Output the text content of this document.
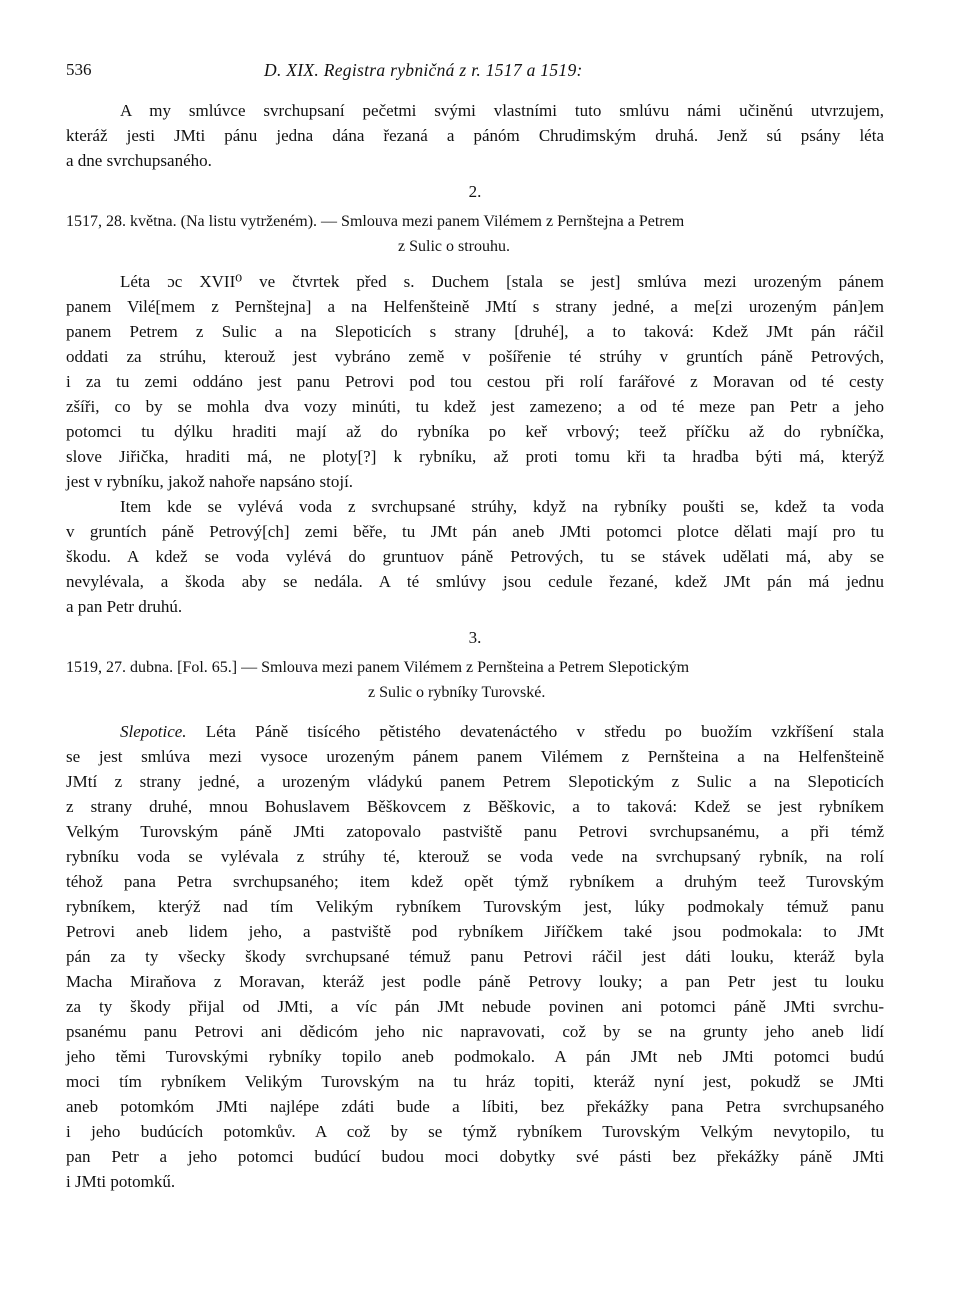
536	D. XIX. Registra rybničná z r. 1517 a 1519:
A my smlúvce svrchupsaní pečetmi svými vlastními tuto smlúvu námi učiněnú utvrzujem,
kteráž jesti JMti pánu jedna dána řezaná a pánóm Chrudimským druhá. Jenž sú psány léta
a dne svrchupsaného.
2.
1517, 28. května. (Na listu vytrženém). — Smlouva mezi panem Vilémem z Pernštejna a Petrem
z Sulic o strouhu.
Léta ɔc XVII⁰ ve čtvrtek před s. Duchem [stala se jest] smlúva mezi urozeným pánem
panem Vilé[mem z Pernštejna] a na Helfenšteině JMtí s strany jedné, a me[zi urozeným pán]em
panem Petrem z Sulic a na Slepoticích s strany [druhé], a to taková: Kdež JMt pán ráčil
oddati za strúhu, kterouž jest vybráno země v pošířenie té strúhy v gruntích páně Petrových,
i za tu zemi oddáno jest panu Petrovi pod tou cestou při rolí farářové z Moravan od té cesty
zšíři, co by se mohla dva vozy minúti, tu kdež jest zamezeno; a od té meze pan Petr a jeho
potomci tu dýlku hraditi mají až do rybníka po keř vrbový; teež příčku až do rybníčka,
slove Jiřička, hraditi má, ne ploty[?] k rybníku, až proti tomu kři ta hradba býti má, kterýž
jest v rybníku, jakož nahoře napsáno stojí.
Item kde se vylévá voda z svrchupsané strúhy, když na rybníky poušti se, kdež ta voda
v gruntích páně Petrový[ch] zemi běře, tu JMt pán aneb JMti potomci plotce dělati mají pro tu
škodu. A kdež se voda vylévá do gruntuov páně Petrových, tu se stávek udělati má, aby se
nevylévala, a škoda aby se nedála. A té smlúvy jsou cedule řezané, kdež JMt pán má jednu
a pan Petr druhú.
3.
1519, 27. dubna. [Fol. 65.] — Smlouva mezi panem Vilémem z Pernšteina a Petrem Slepotickým
z Sulic o rybníky Turovské.
Slepotice. Léta Páně tisícého pětistého devatenáctého v středu po buožím vzkříšení stala
se jest smlúva mezi vysoce urozeným pánem panem Vilémem z Pernšteina a na Helfenšteině
JMtí z strany jedné, a urozeným vládykú panem Petrem Slepotickým z Sulic a na Slepoticích
z strany druhé, mnou Bohuslavem Běškovcem z Běškovic, a to taková: Kdež se jest rybníkem
Velkým Turovským páně JMti zatopovalo pastviště panu Petrovi svrchupsanému, a při témž
rybníku voda se vylévala z strúhy té, kterouž se voda vede na svrchupsaný rybník, na rolí
téhož pana Petra svrchupsaného; item kdež opět týmž rybníkem a druhým teež Turovským
rybníkem, kterýž nad tím Velikým rybníkem Turovským jest, lúky podmokaly témuž panu
Petrovi aneb lidem jeho, a pastviště pod rybníkem Jiříčkem také jsou podmokala: to JMt
pán za ty všecky škody svrchupsané témuž panu Petrovi ráčil jest dáti louku, kteráž byla
Macha Miraňova z Moravan, kteráž jest podle páně Petrovy louky; a pan Petr jest tu louku
za ty škody přijal od JMti, a víc pán JMt nebude povinen ani potomci páně JMti svrchu-
psanému panu Petrovi ani dědicóm jeho nic napravovati, což by se na grunty jeho aneb lidí
jeho těmi Turovskými rybníky topilo aneb podmokalo. A pán JMt neb JMti potomci budú
moci tím rybníkem Velikým Turovským na tu hráz topiti, kteráž nyní jest, pokudž se JMti
aneb potomkóm JMti najlépe zdáti bude a líbiti, bez překážky pana Petra svrchupsaného
i jeho budúcích potomkův. A což by se týmž rybníkem Turovským Velkým nevytopilo, tu
pan Petr a jeho potomci budúcí budou moci dobytky své pásti bez překážky páně JMti
i JMti potomkű.
